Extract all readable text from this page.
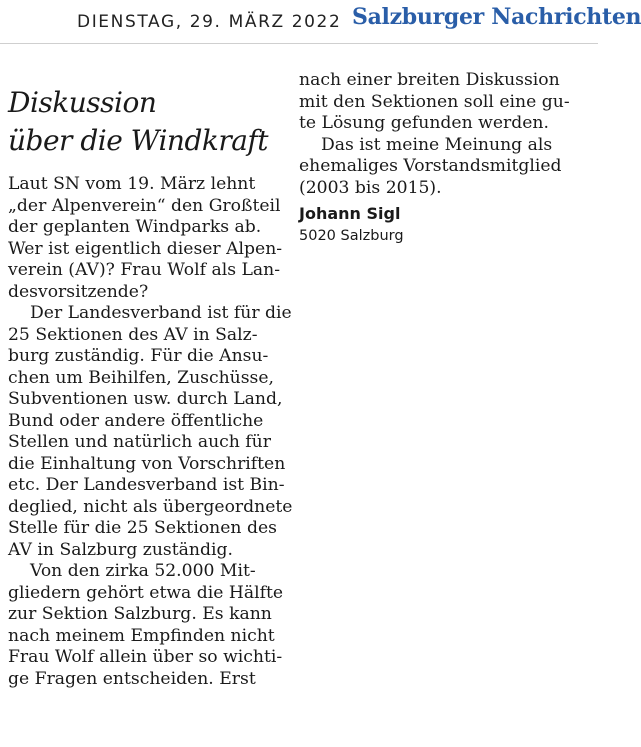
DIENSTAG, 29. MÄRZ 2022 Salzburger Nachrichten
Diskussion
über die Windkraft

Laut SN vom 19. März lehnt
„der Alpenverein“ den Großteil
der geplanten Windparks ab.
Wer ist eigentlich dieser Alpen-
verein (AV)? Frau Wolf als Lan-
desvorsitzende?

Der Landesverband ist für die
25 Sektionen des AV in Salz-
burg zuständig. Für die Ansu-
chen um Beihilfen, Zuschüsse,
Subventionen usw. durch Land,
Bund oder andere öffentliche
Stellen und natürlich auch für
die Einhaltung von Vorschriften
etc. Der Landesverband ist Bin-
deglied, nicht als übergeordnete
Stelle für die 25 Sektionen des
AV in Salzburg zuständig.

Von den zirka 52.000 Mit-
gliedern gehört etwa die Hälfte
zur Sektion Salzburg. Es kann
nach meinem Empfinden nicht
Frau Wolf allein über so wichti-
ge Fragen entscheiden. Erst

nach einer breiten Diskussion
mit den Sektionen soll eine gu-
te Lösung gefunden werden.

Das ist meine Meinung als
ehemaliges Vorstandsmitglied
(2003 bis 2015).

Johann Sigl
5020 Salzburg
